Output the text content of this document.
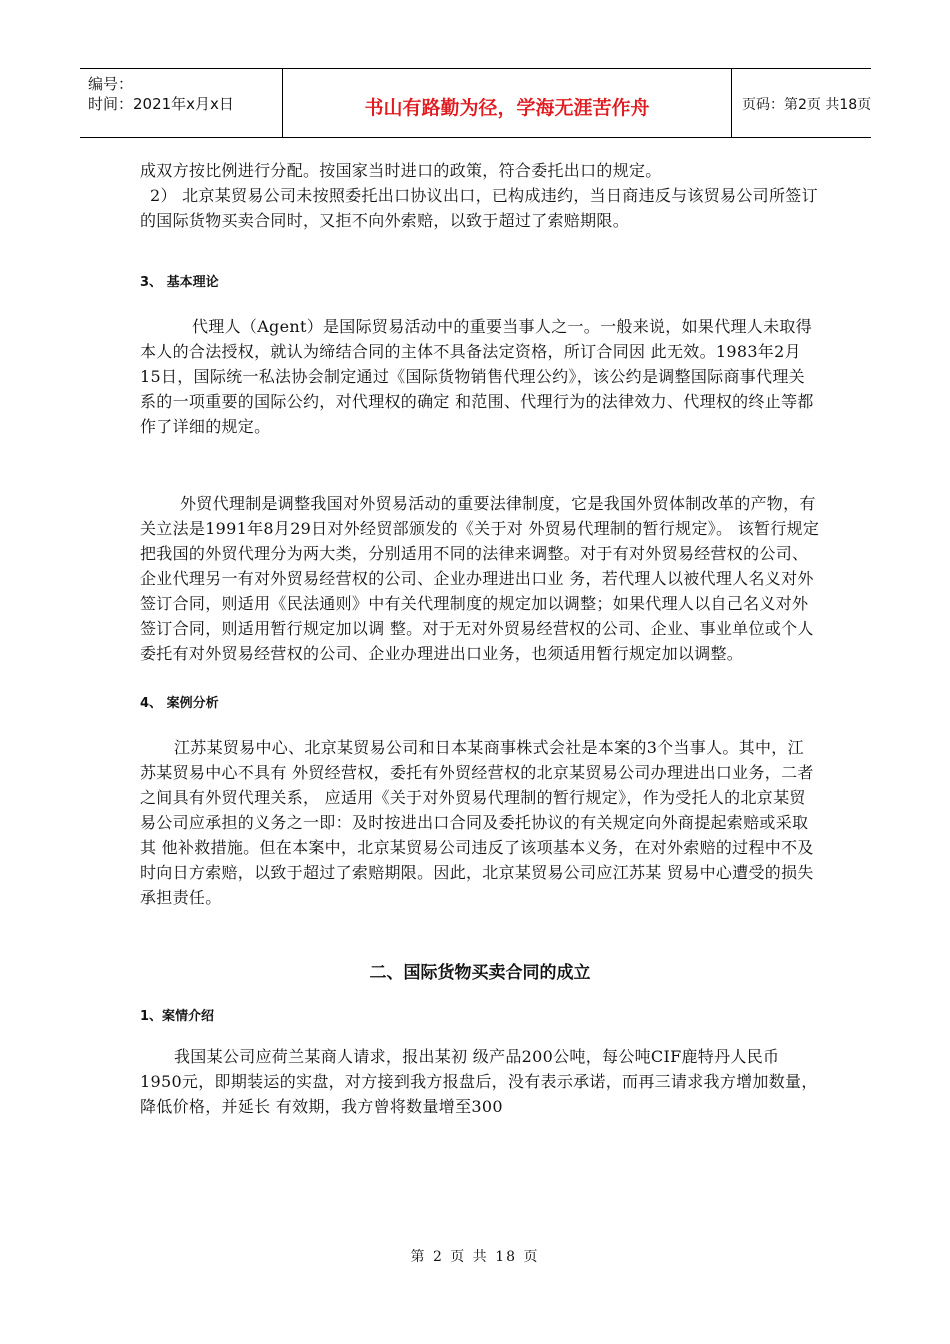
编号：
时间：2021年x月x日	书山有路勤为径，学海无涯苦作舟	页码：第2页 共18页

成双方按比例进行分配。按国家当时进口的政策，符合委托出口的规定。

2） 北京某贸易公司未按照委托出口协议出口，已构成违约，当日商违反与该贸易公司所签订的国际货物买卖合同时，又拒不向外索赔，以致于超过了索赔期限。

3、 基本理论

代理人（Agent）是国际贸易活动中的重要当事人之一。一般来说，如果代理人未取得本人的合法授权，就认为缔结合同的主体不具备法定资格，所订合同因 此无效。1983年2月15日，国际统一私法协会制定通过《国际货物销售代理公约》，该公约是调整国际商事代理关系的一项重要的国际公约，对代理权的确定 和范围、代理行为的法律效力、代理权的终止等都作了详细的规定。

外贸代理制是调整我国对外贸易活动的重要法律制度，它是我国外贸体制改革的产物，有关立法是1991年8月29日对外经贸部颁发的《关于对 外贸易代理制的暂行规定》。 该暂行规定把我国的外贸代理分为两大类，分别适用不同的法律来调整。对于有对外贸易经营权的公司、企业代理另一有对外贸易经营权的公司、企业办理进出口业 务，若代理人以被代理人名义对外签订合同，则适用《民法通则》中有关代理制度的规定加以调整；如果代理人以自己名义对外签订合同，则适用暂行规定加以调 整。对于无对外贸易经营权的公司、企业、事业单位或个人委托有对外贸易经营权的公司、企业办理进出口业务，也须适用暂行规定加以调整。

4、 案例分析

江苏某贸易中心、北京某贸易公司和日本某商事株式会社是本案的3个当事人。其中，江苏某贸易中心不具有 外贸经营权，委托有外贸经营权的北京某贸易公司办理进出口业务，二者之间具有外贸代理关系， 应适用《关于对外贸易代理制的暂行规定》，作为受托人的北京某贸易公司应承担的义务之一即：及时按进出口合同及委托协议的有关规定向外商提起索赔或采取其 他补救措施。但在本案中，北京某贸易公司违反了该项基本义务，在对外索赔的过程中不及时向日方索赔，以致于超过了索赔期限。因此，北京某贸易公司应江苏某 贸易中心遭受的损失承担责任。

二、国际货物买卖合同的成立

1、案情介绍

我国某公司应荷兰某商人请求，报出某初 级产品200公吨，每公吨CIF鹿特丹人民币1950元，即期装运的实盘，对方接到我方报盘后，没有表示承诺，而再三请求我方增加数量，降低价格，并延长 有效期，我方曾将数量增至300

第 2 页 共 18 页
